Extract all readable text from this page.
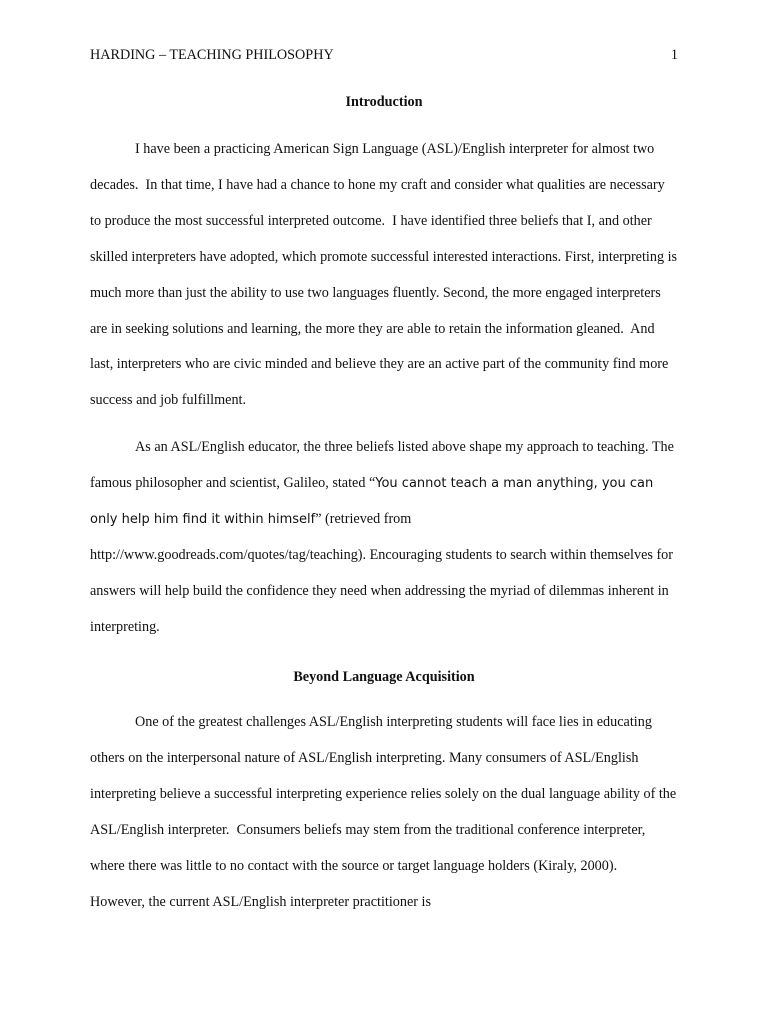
HARDING – TEACHING PHILOSOPHY	1
Introduction

I have been a practicing American Sign Language (ASL)/English interpreter for almost two decades.  In that time, I have had a chance to hone my craft and consider what qualities are necessary to produce the most successful interpreted outcome.  I have identified three beliefs that I, and other skilled interpreters have adopted, which promote successful interested interactions. First, interpreting is much more than just the ability to use two languages fluently. Second, the more engaged interpreters are in seeking solutions and learning, the more they are able to retain the information gleaned.  And last, interpreters who are civic minded and believe they are an active part of the community find more success and job fulfillment.

As an ASL/English educator, the three beliefs listed above shape my approach to teaching. The famous philosopher and scientist, Galileo, stated “You cannot teach a man anything, you can only help him find it within himself” (retrieved from http://www.goodreads.com/quotes/tag/teaching). Encouraging students to search within themselves for answers will help build the confidence they need when addressing the myriad of dilemmas inherent in interpreting.

Beyond Language Acquisition

One of the greatest challenges ASL/English interpreting students will face lies in educating others on the interpersonal nature of ASL/English interpreting. Many consumers of ASL/English interpreting believe a successful interpreting experience relies solely on the dual language ability of the ASL/English interpreter.  Consumers beliefs may stem from the traditional conference interpreter, where there was little to no contact with the source or target language holders (Kiraly, 2000).  However, the current ASL/English interpreter practitioner is
